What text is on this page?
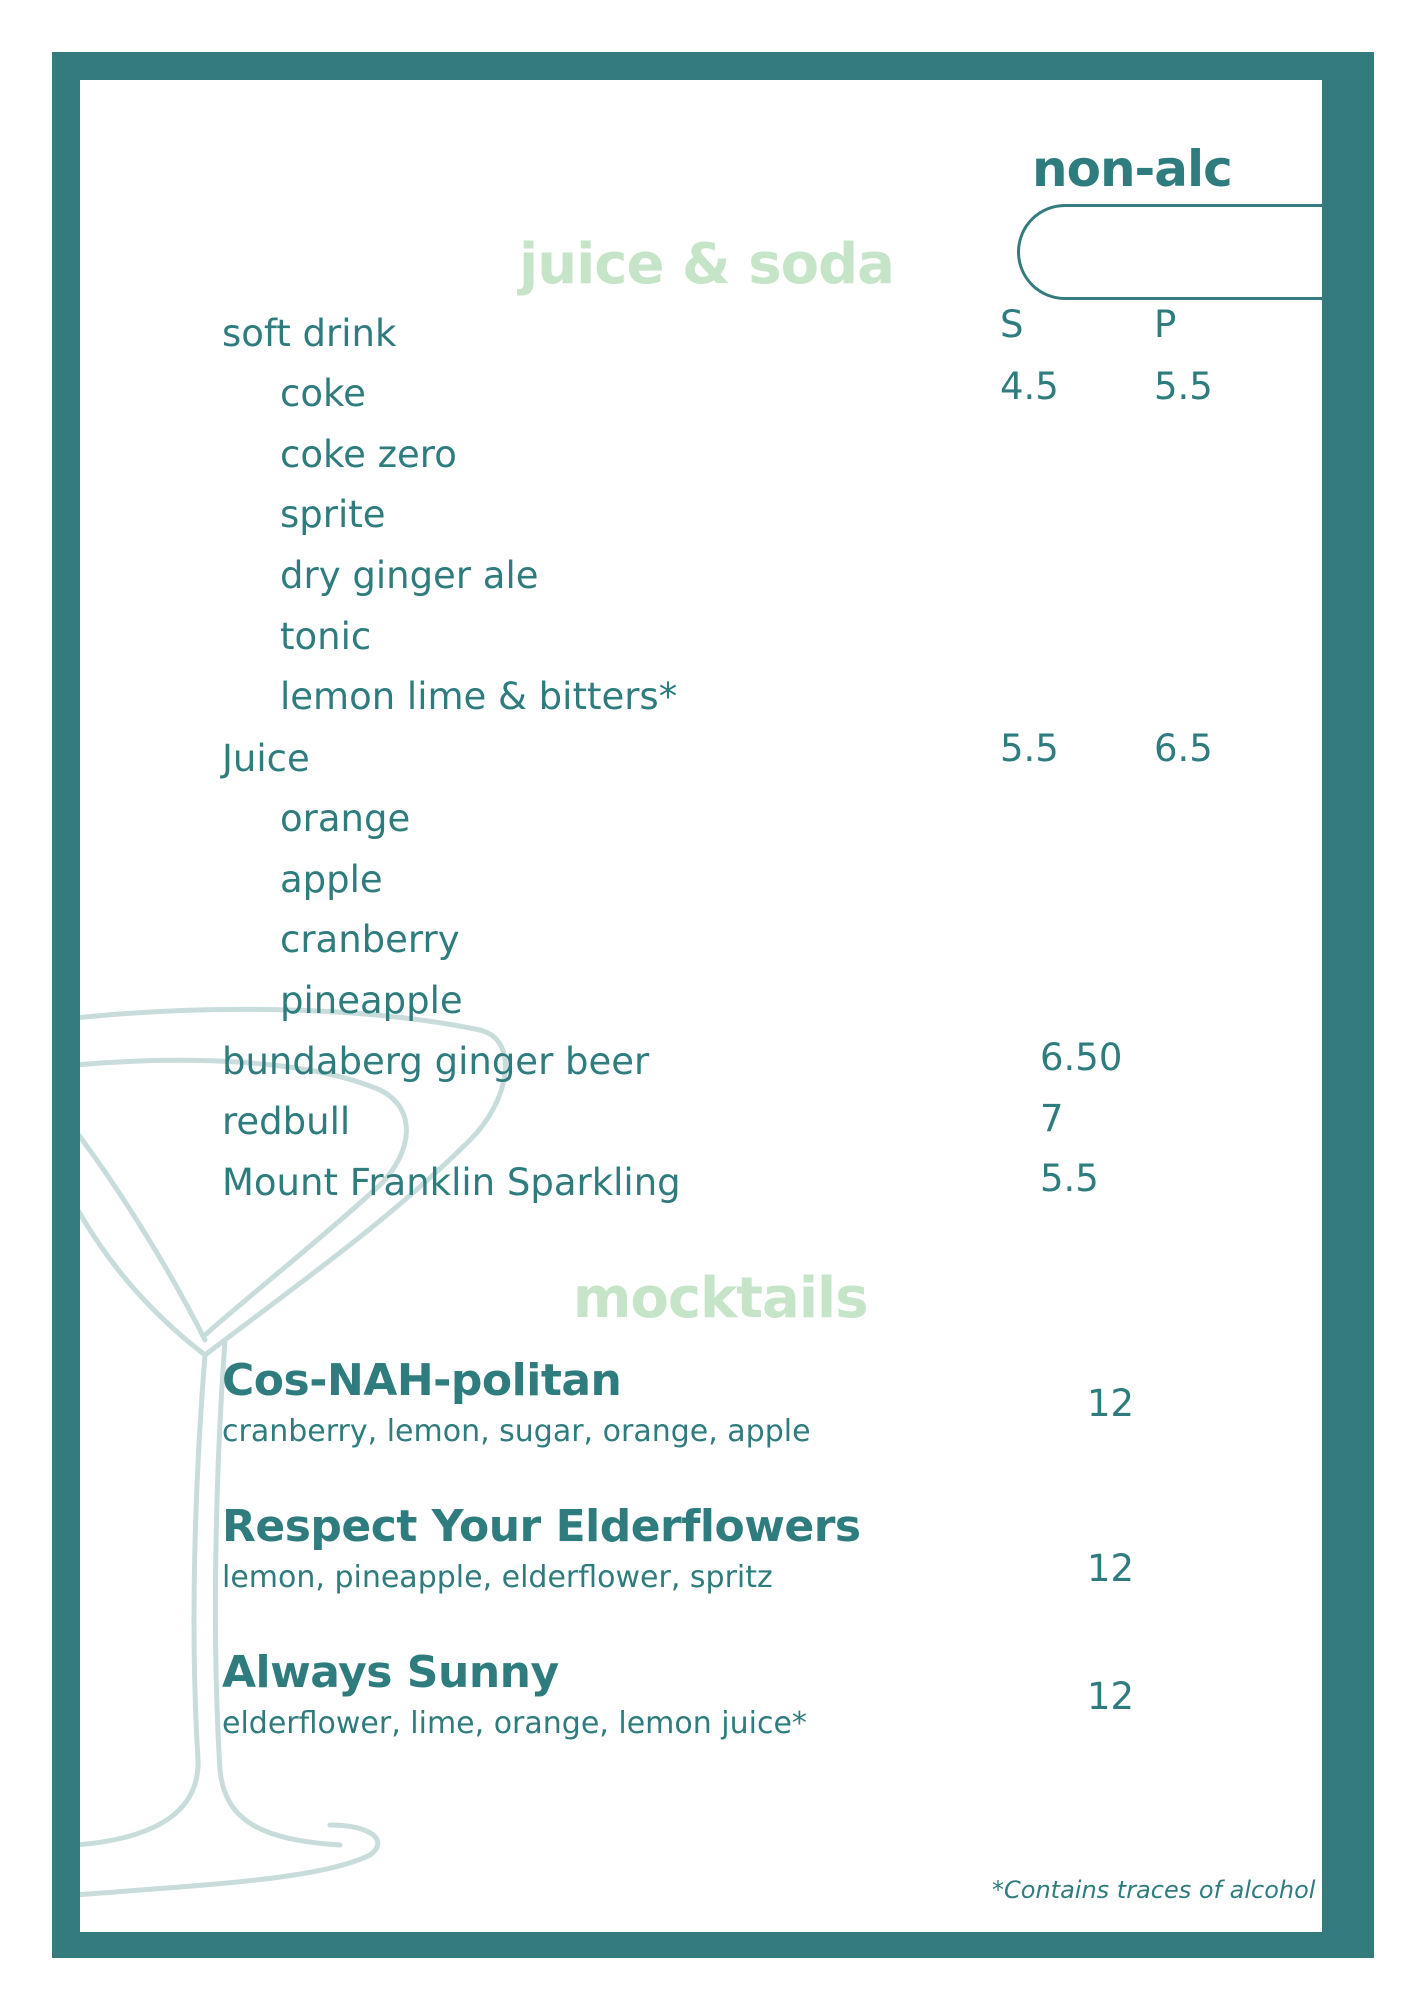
non-alc
juice & soda
S	P
soft drink
coke	4.5	5.5
coke zero
sprite
dry ginger ale
tonic
lemon lime & bitters*
Juice	5.5	6.5
orange
apple
cranberry
pineapple
bundaberg ginger beer	6.50
redbull	7
Mount Franklin Sparkling	5.5
mocktails
Cos-NAH-politan
cranberry, lemon, sugar, orange, apple
12
Respect Your Elderflowers
lemon, pineapple, elderflower, spritz	12
Always Sunny
elderflower, lime, orange, lemon juice*
12
*Contains traces of alcohol
